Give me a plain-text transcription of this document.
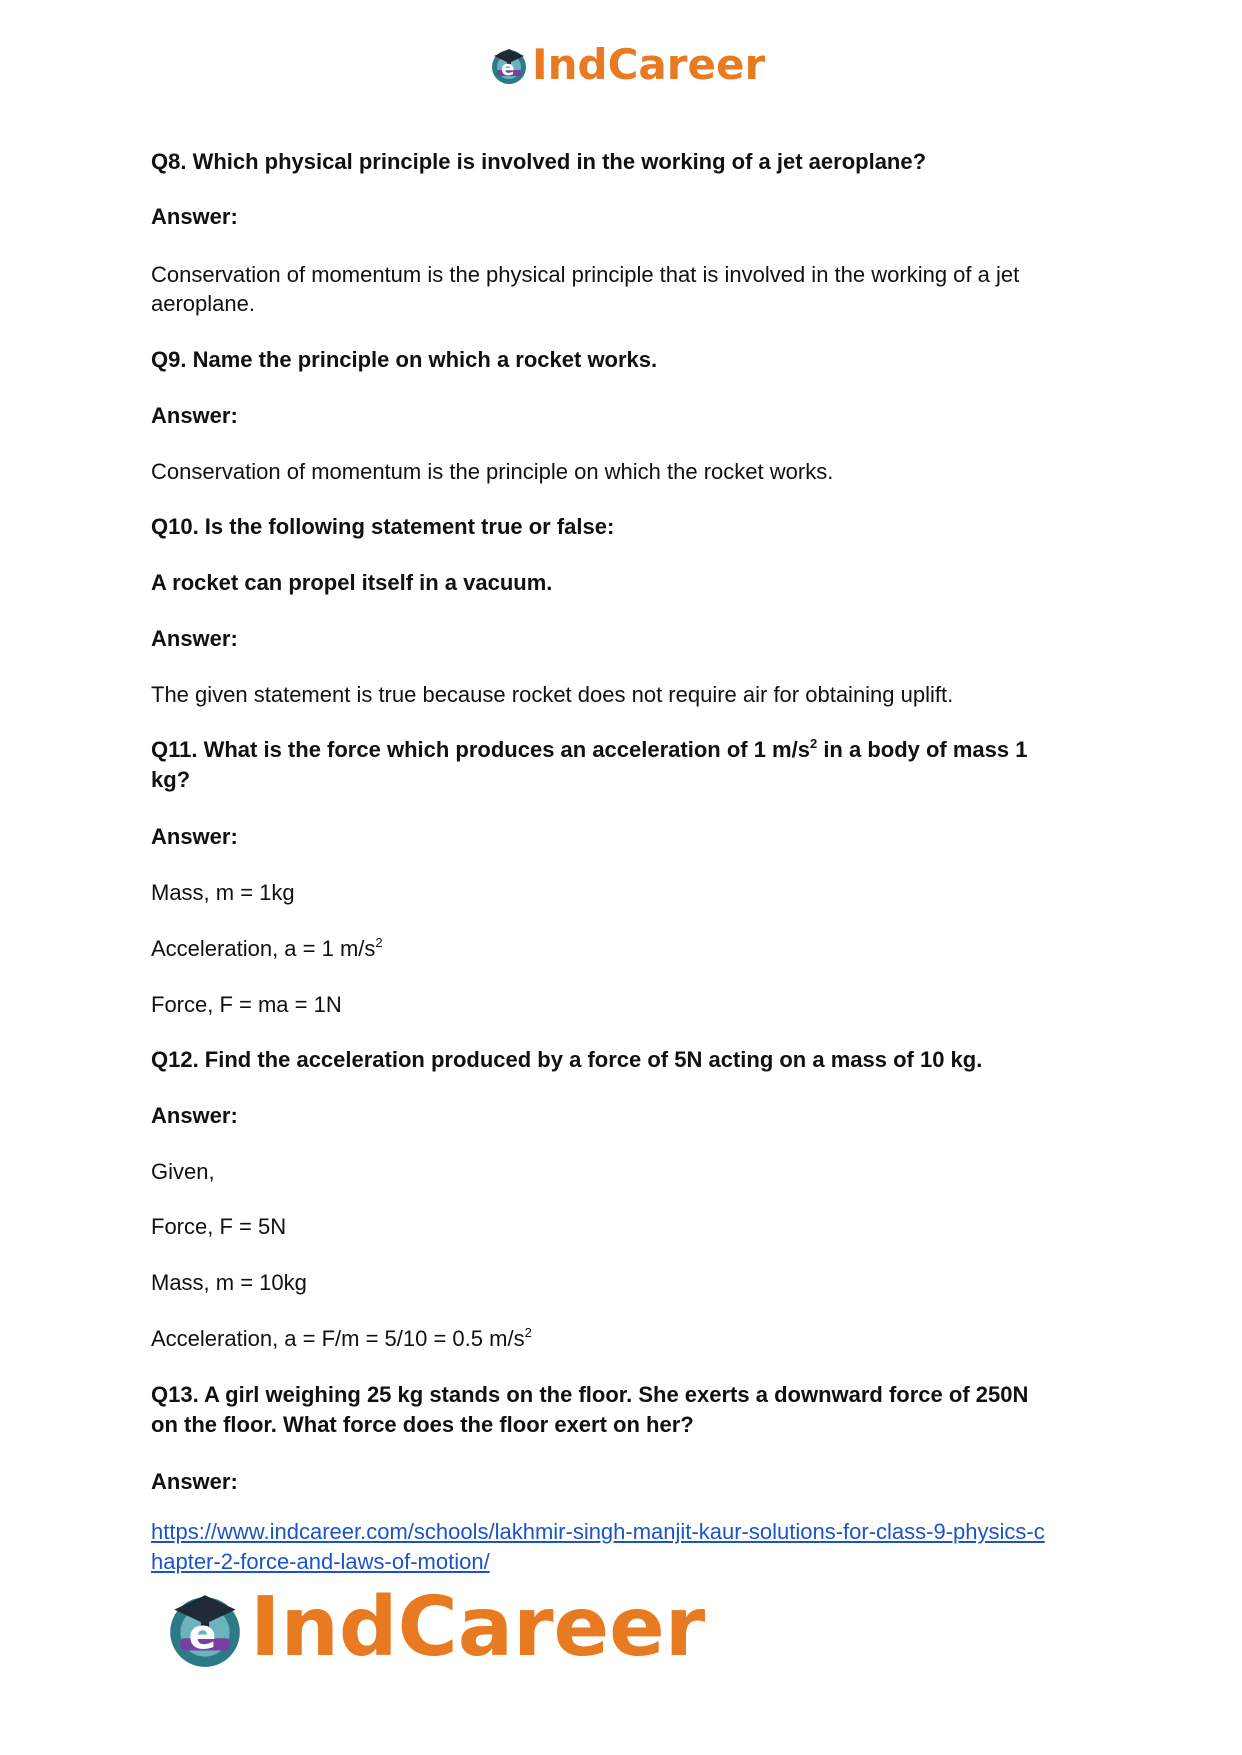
e IndCareer

Q8. Which physical principle is involved in the working of a jet aeroplane?

Answer:

Conservation of momentum is the physical principle that is involved in the working of a jet

aeroplane.

Q9. Name the principle on which a rocket works.

Answer:

Conservation of momentum is the principle on which the rocket works.

Q10. Is the following statement true or false:

A rocket can propel itself in a vacuum.

Answer:

The given statement is true because rocket does not require air for obtaining uplift.

Q11. What is the force which produces an acceleration of 1 $m/s^2$ in a body of mass 1

kg?

Answer:

Mass, m = 1kg

Acceleration, a = 1 $m/s^2$

Force, F = ma = 1N

Q12. Find the acceleration produced by a force of 5N acting on a mass of 10 kg.

Answer:

Given,

Force, F = 5N

Mass, m = 10kg

Acceleration, a = F/m = 5/10 = 0.5 $m/s^2$

Q13. A girl weighing 25 kg stands on the floor. She exerts a downward force of 250N

on the floor. What force does the floor exert on her?

Answer:

https://www.indcareer.com/schools/lakhmir-singh-manjit-kaur-solutions-for-class-9-physics-c

hapter-2-force-and-laws-of-motion/

e IndCareer
